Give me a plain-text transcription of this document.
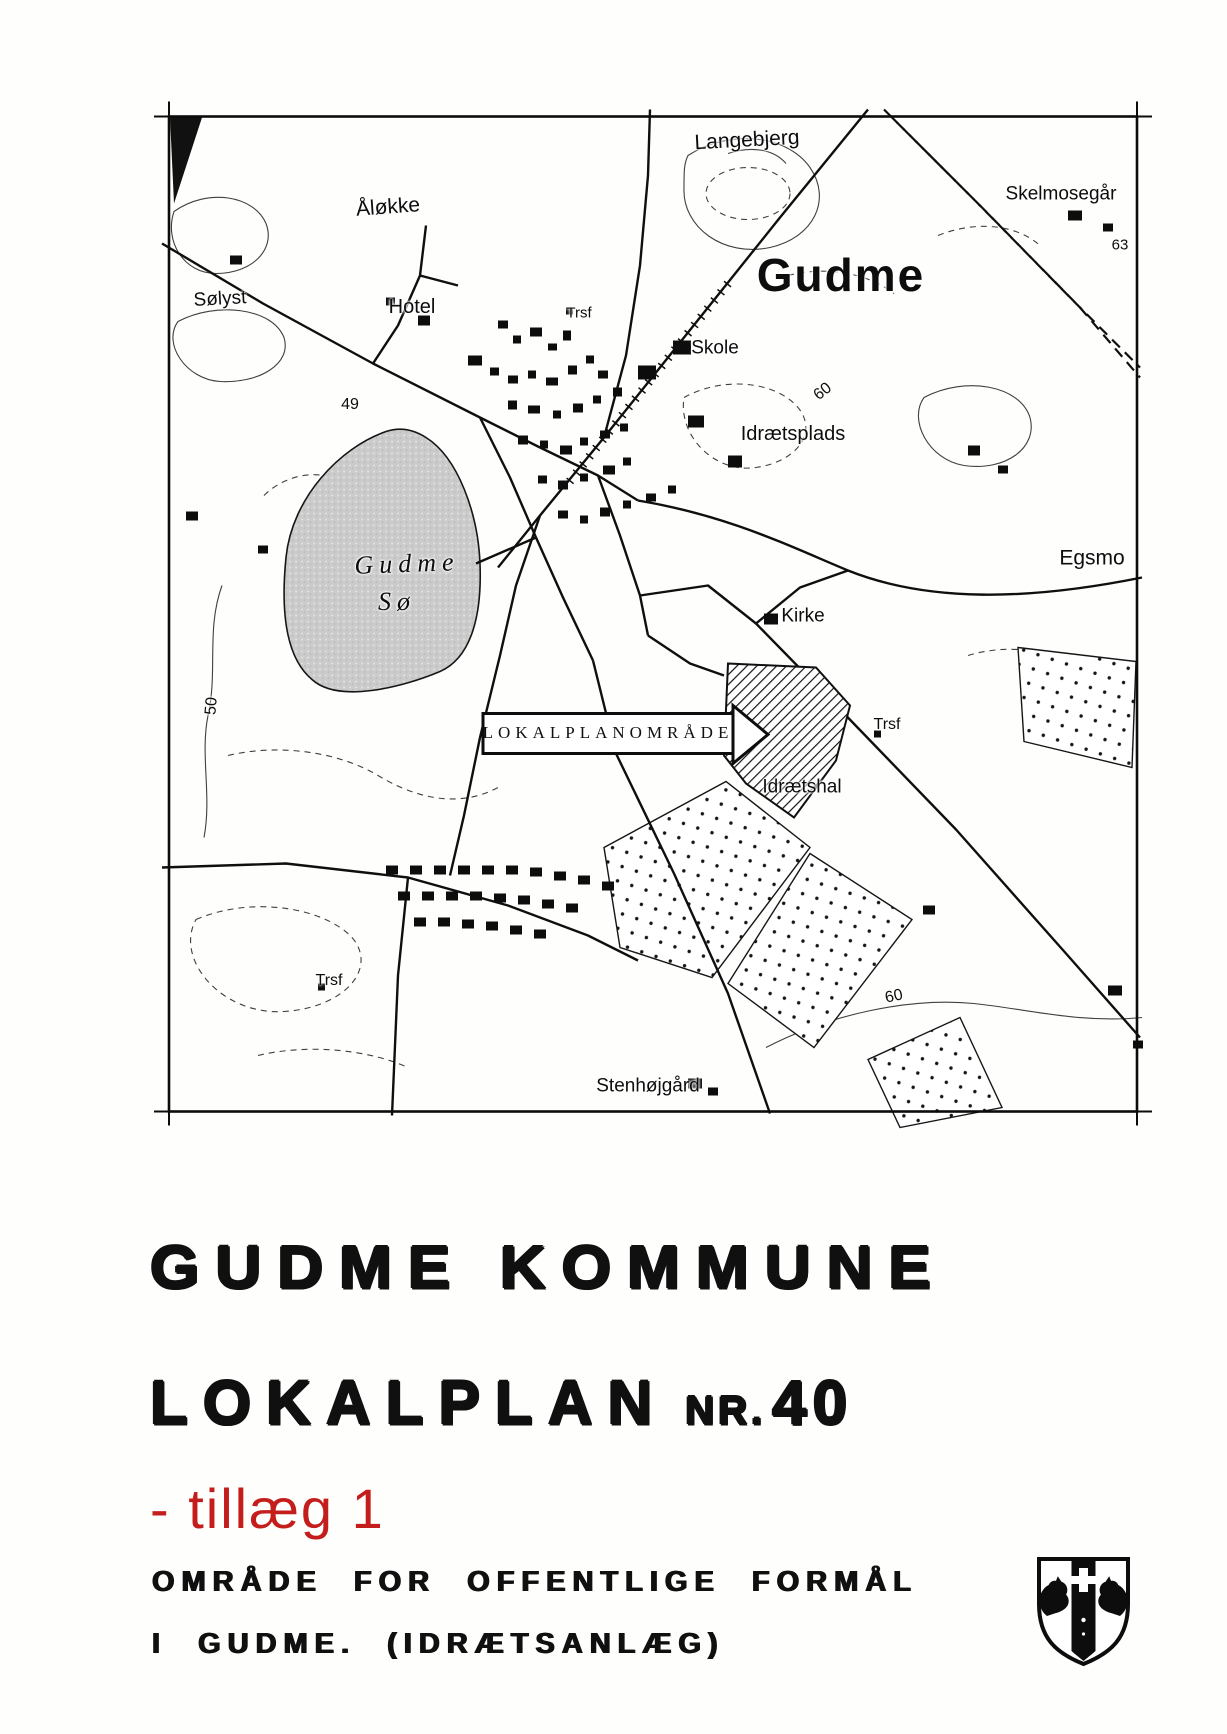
Langebjerg
Åløkke	Skelmosegår
63
Sølyst	Hotel	Trsf
Gudme
Skole
60
Idrætsplads
49
Gudme
Sø	Kirke
Egsmo
Trsf
Idrætshal
Trsf
Stenhøjgård
60
50
LOKALPLANOMRÅDE
GUDME KOMMUNE
LOKALPLAN NR. 40
- tillæg 1
OMRÅDE FOR OFFENTLIGE FORMÅL
I GUDME. (IDRÆTSANLÆG)
